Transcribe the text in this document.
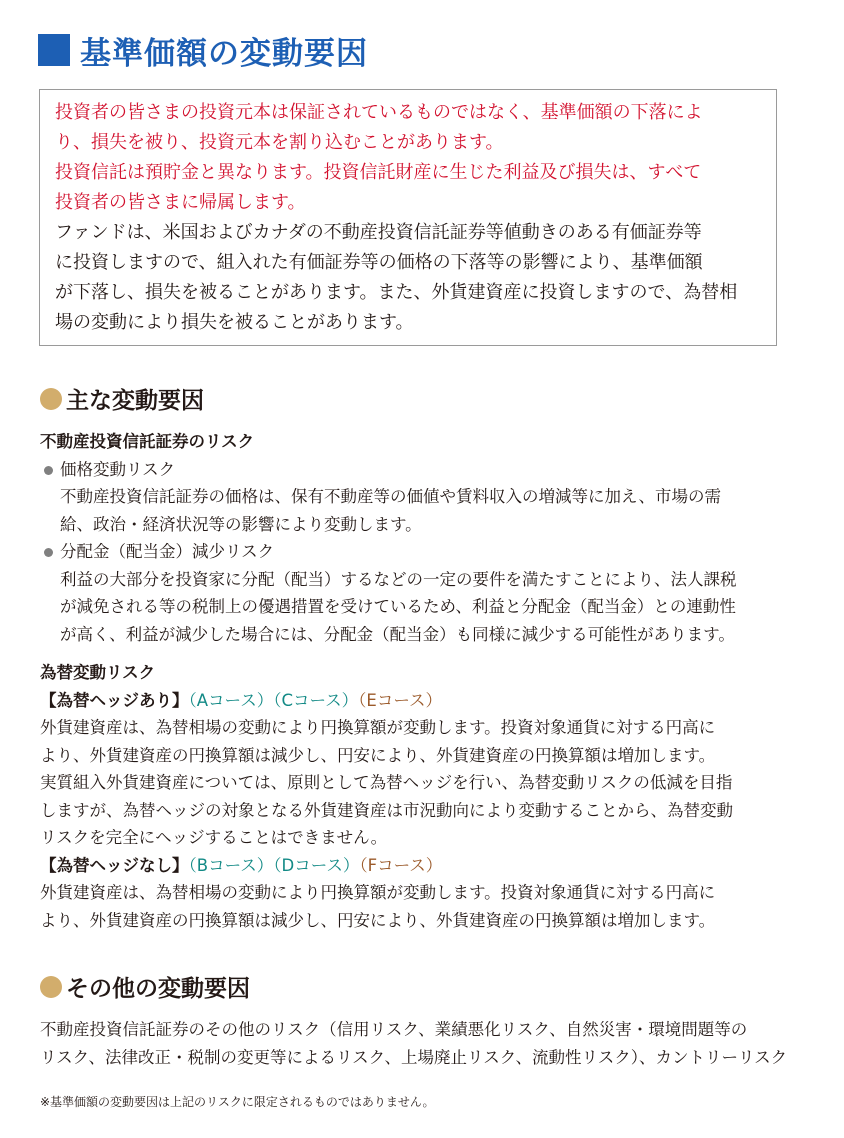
基準価額の変動要因

投資者の皆さまの投資元本は保証されているものではなく、基準価額の下落によ

り、損失を被り、投資元本を割り込むことがあります。

投資信託は預貯金と異なります。投資信託財産に生じた利益及び損失は、すべて

投資者の皆さまに帰属します。

ファンドは、米国およびカナダの不動産投資信託証券等値動きのある有価証券等

に投資しますので、組入れた有価証券等の価格の下落等の影響により、基準価額

が下落し、損失を被ることがあります。また、外貨建資産に投資しますので、為替相

場の変動により損失を被ることがあります。

主な変動要因

不動産投資信託証券のリスク

価格変動リスク

不動産投資信託証券の価格は、保有不動産等の価値や賃料収入の増減等に加え、市場の需

給、政治・経済状況等の影響により変動します。

分配金（配当金）減少リスク

利益の大部分を投資家に分配（配当）するなどの一定の要件を満たすことにより、法人課税

が減免される等の税制上の優遇措置を受けているため、利益と分配金（配当金）との連動性

が高く、利益が減少した場合には、分配金（配当金）も同様に減少する可能性があります。

為替変動リスク

【為替ヘッジあり】（Aコース）（Cコース）（Eコース）

外貨建資産は、為替相場の変動により円換算額が変動します。投資対象通貨に対する円高に

より、外貨建資産の円換算額は減少し、円安により、外貨建資産の円換算額は増加します。

実質組入外貨建資産については、原則として為替ヘッジを行い、為替変動リスクの低減を目指

しますが、為替ヘッジの対象となる外貨建資産は市況動向により変動することから、為替変動

リスクを完全にヘッジすることはできません。

【為替ヘッジなし】（Bコース）（Dコース）（Fコース）

外貨建資産は、為替相場の変動により円換算額が変動します。投資対象通貨に対する円高に

より、外貨建資産の円換算額は減少し、円安により、外貨建資産の円換算額は増加します。

その他の変動要因

不動産投資信託証券のその他のリスク（信用リスク、業績悪化リスク、自然災害・環境問題等の

リスク、法律改正・税制の変更等によるリスク、上場廃止リスク、流動性リスク）、カントリーリスク

※基準価額の変動要因は上記のリスクに限定されるものではありません。
